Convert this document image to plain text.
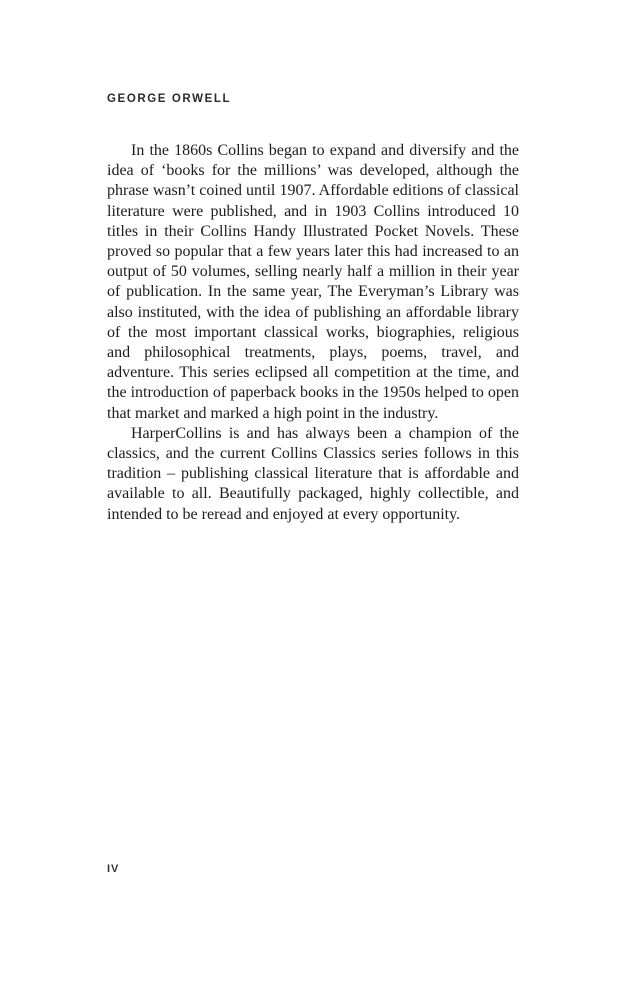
GEORGE ORWELL

In the 1860s Collins began to expand and diversify and the idea of ‘books for the millions’ was developed, although the phrase wasn’t coined until 1907. Affordable editions of classical literature were published, and in 1903 Collins introduced 10 titles in their Collins Handy Illustrated Pocket Novels. These proved so popular that a few years later this had increased to an output of 50 volumes, selling nearly half a million in their year of publication. In the same year, The Everyman’s Library was also instituted, with the idea of publishing an affordable library of the most important classical works, biographies, religious and philosophical treatments, plays, poems, travel, and adventure. This series eclipsed all competition at the time, and the introduction of paperback books in the 1950s helped to open that market and marked a high point in the industry.

HarperCollins is and has always been a champion of the classics, and the current Collins Classics series follows in this tradition – publishing classical literature that is affordable and available to all. Beautifully packaged, highly collectible, and intended to be reread and enjoyed at every opportunity.

IV
